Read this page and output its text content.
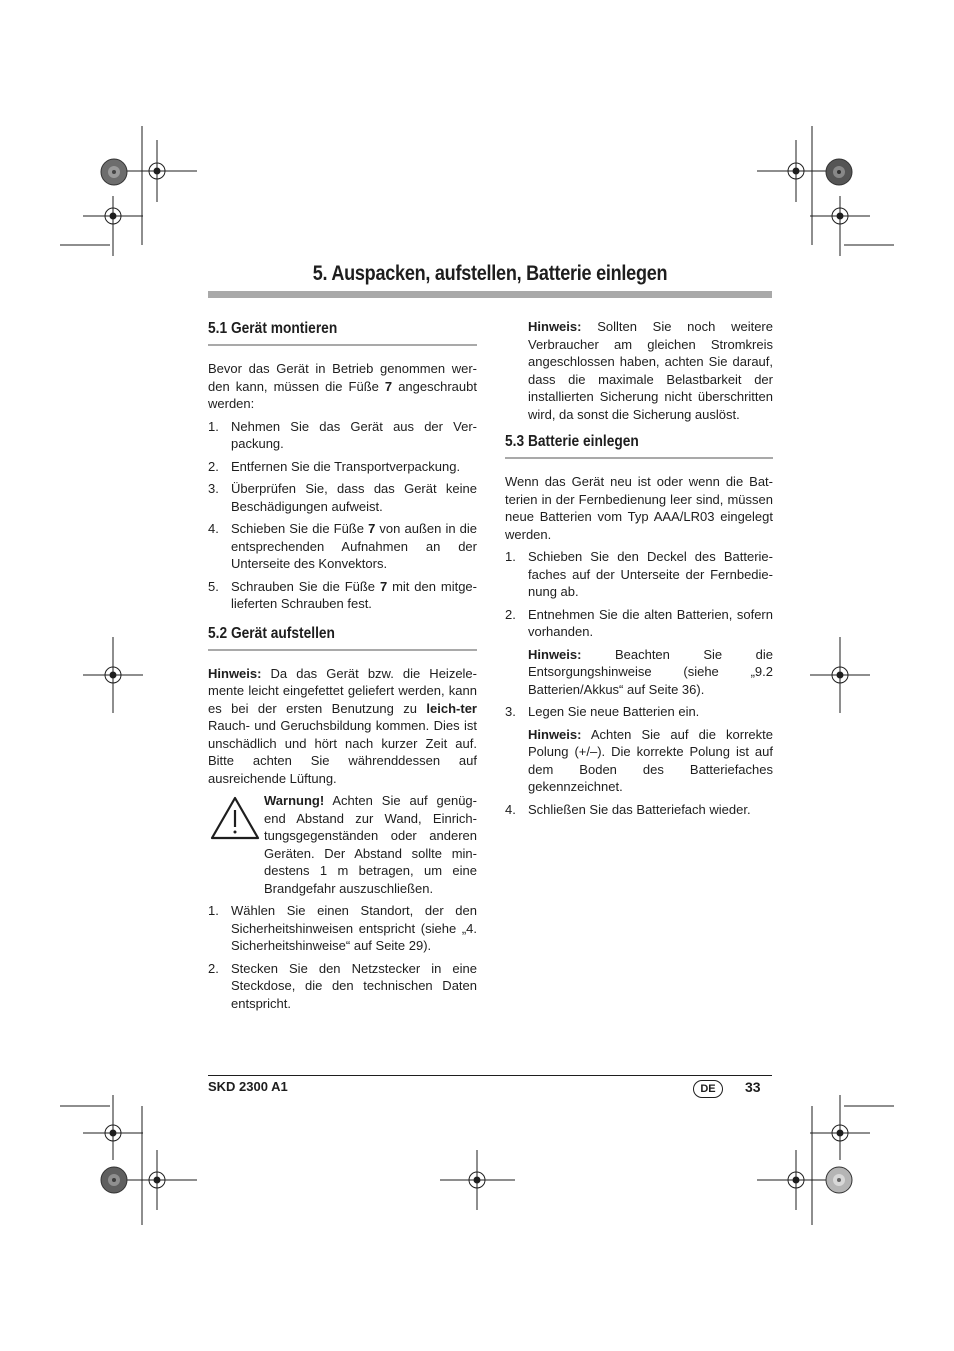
5. Auspacken, aufstellen, Batterie einlegen
5.1 Gerät montieren

Bevor das Gerät in Betrieb genommen wer-den kann, müssen die Füße 7 angeschraubt werden:

1. Nehmen Sie das Gerät aus der Ver-packung.
2. Entfernen Sie die Transportverpackung.
3. Überprüfen Sie, dass das Gerät keine Beschädigungen aufweist.
4. Schieben Sie die Füße 7 von außen in die entsprechenden Aufnahmen an der Unterseite des Konvektors.
5. Schrauben Sie die Füße 7 mit den mitge-lieferten Schrauben fest.
5.2 Gerät aufstellen

Hinweis: Da das Gerät bzw. die Heizele-mente leicht eingefettet geliefert werden, kann es bei der ersten Benutzung zu leich-ter Rauch- und Geruchsbildung kommen. Dies ist unschädlich und hört nach kurzer Zeit auf. Bitte achten Sie währenddessen auf ausreichende Lüftung.

Warnung! Achten Sie auf genüg-end Abstand zur Wand, Einrich-tungsgegenständen oder anderen Geräten. Der Abstand sollte min-destens 1 m betragen, um eine Brandgefahr auszuschließen.
1. Wählen Sie einen Standort, der den Sicherheitshinweisen entspricht (siehe „4. Sicherheitshinweise“ auf Seite 29).
2. Stecken Sie den Netzstecker in eine Steckdose, die den technischen Daten entspricht.

Hinweis: Sollten Sie noch weitere Verbraucher am gleichen Stromkreis angeschlossen haben, achten Sie darauf, dass die maximale Belastbarkeit der installierten Sicherung nicht überschritten wird, da sonst die Sicherung auslöst.

5.3 Batterie einlegen

Wenn das Gerät neu ist oder wenn die Bat-terien in der Fernbedienung leer sind, müssen neue Batterien vom Typ AAA/LR03 eingelegt werden.

1. Schieben Sie den Deckel des Batterie-faches auf der Unterseite der Fernbedie-nung ab.
2. Entnehmen Sie die alten Batterien, sofern vorhanden.

Hinweis: Beachten Sie die Entsorgungshinweise (siehe „9.2 Batterien/Akkus“ auf Seite 36).

3. Legen Sie neue Batterien ein.

Hinweis: Achten Sie auf die korrekte Polung (+/–). Die korrekte Polung ist auf dem Boden des Batteriefaches gekennzeichnet.

4. Schließen Sie das Batteriefach wieder.
SKD 2300 A1	DE	33
